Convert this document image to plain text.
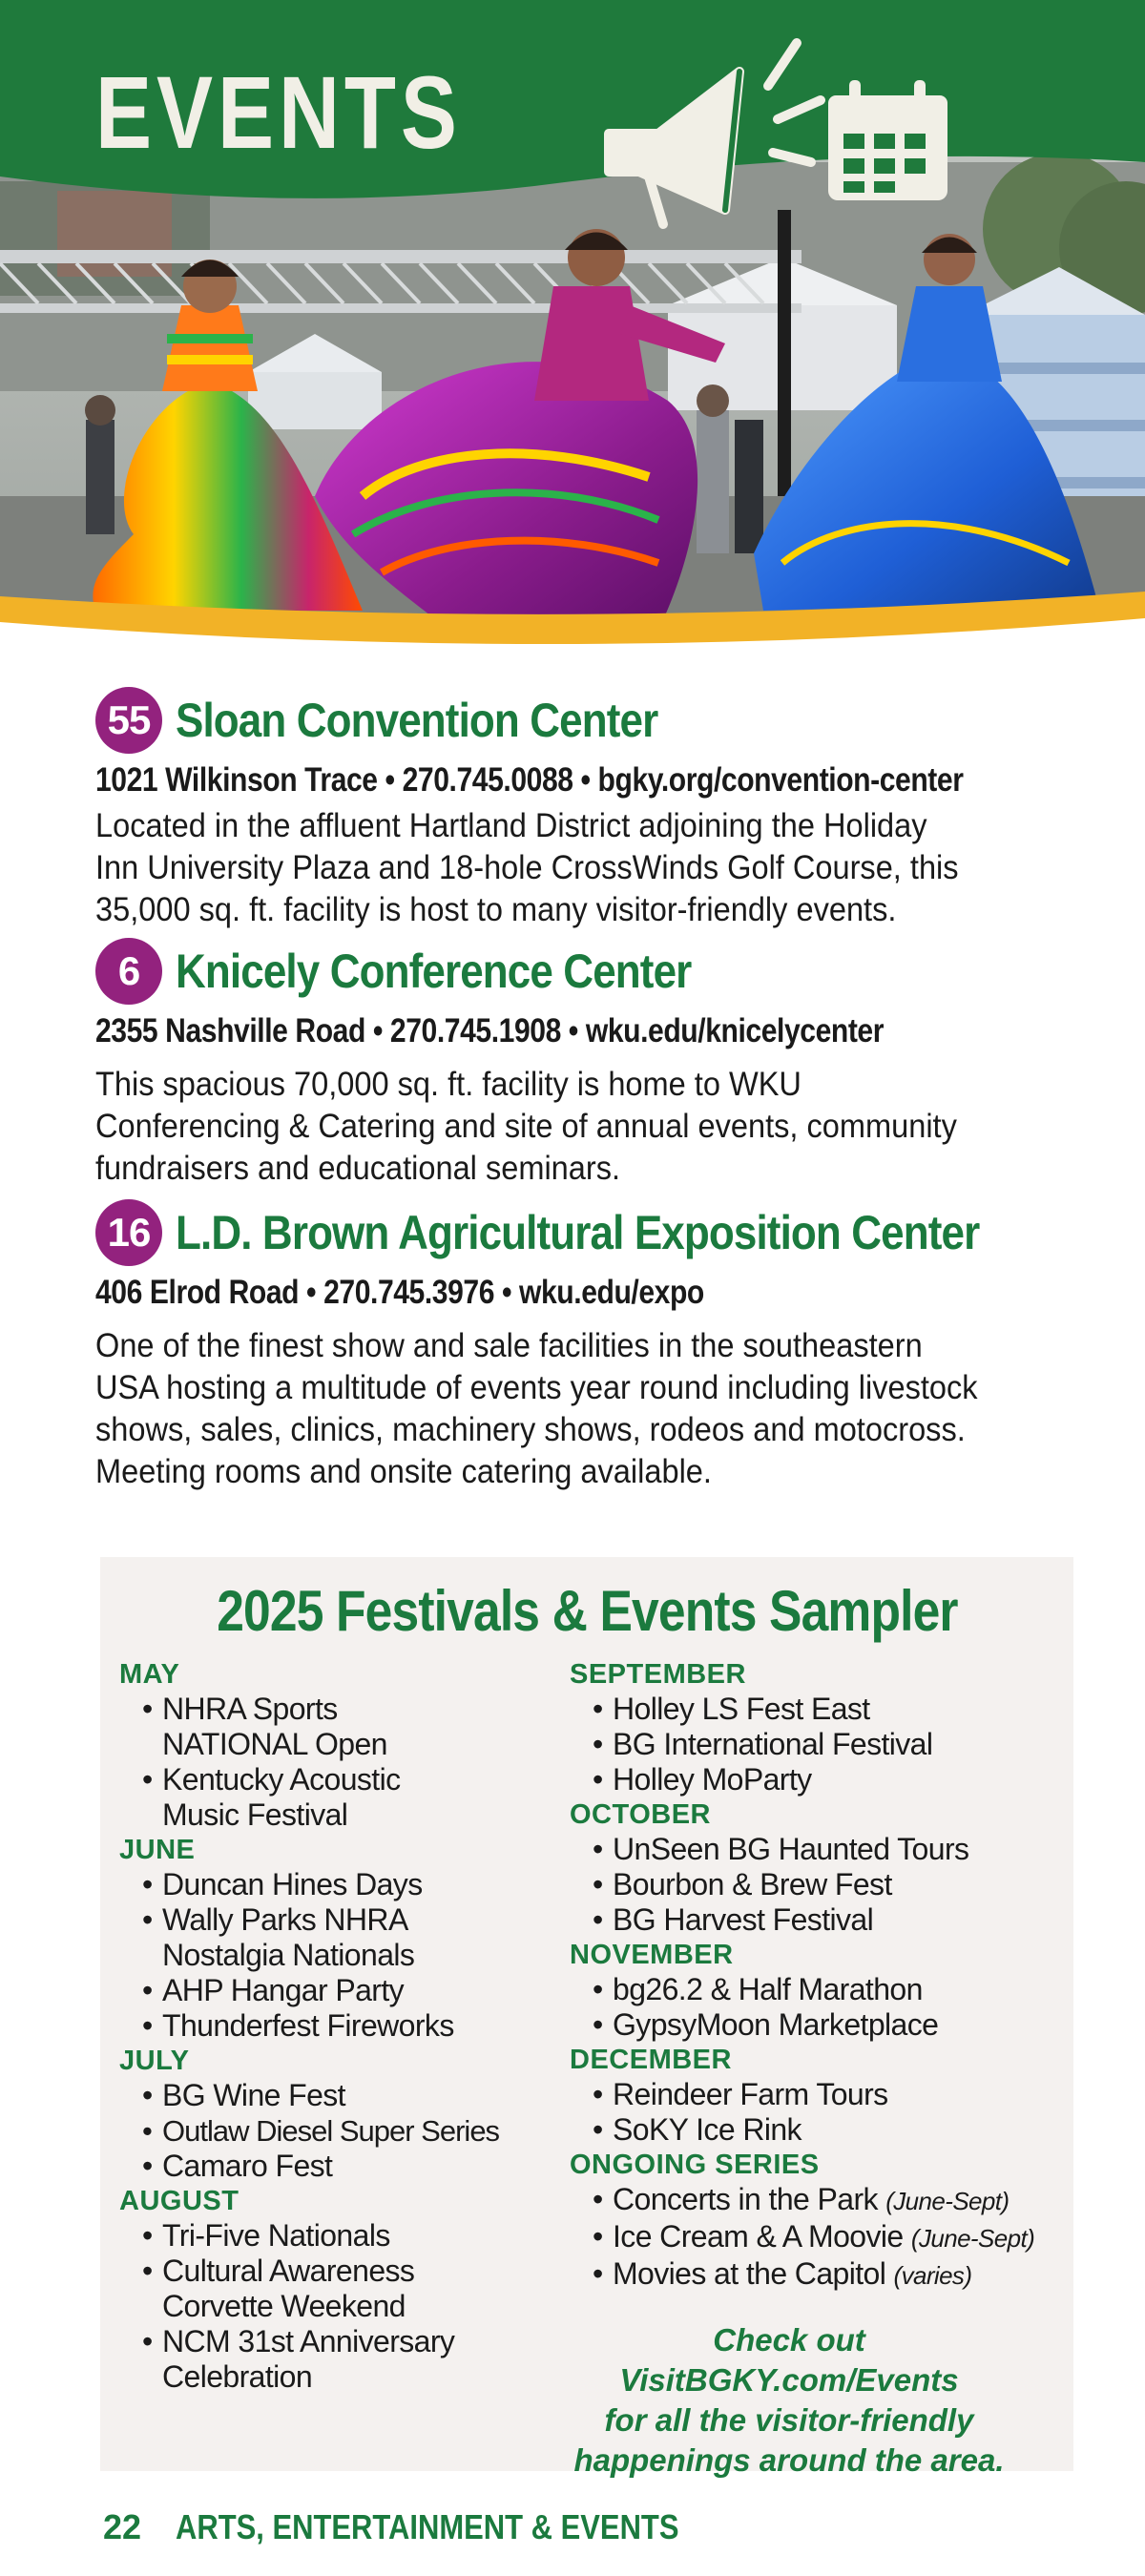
EVENTS
55 Sloan Convention Center
1021 Wilkinson Trace • 270.745.0088 • bgky.org/convention-center
Located in the affluent Hartland District adjoining the Holiday
Inn University Plaza and 18-hole CrossWinds Golf Course, this
35,000 sq. ft. facility is host to many visitor-friendly events.
6 Knicely Conference Center
2355 Nashville Road • 270.745.1908 • wku.edu/knicelycenter
This spacious 70,000 sq. ft. facility is home to WKU
Conferencing & Catering and site of annual events, community
fundraisers and educational seminars.
16 L.D. Brown Agricultural Exposition Center
406 Elrod Road • 270.745.3976 • wku.edu/expo
One of the finest show and sale facilities in the southeastern
USA hosting a multitude of events year round including livestock
shows, sales, clinics, machinery shows, rodeos and motocross.
Meeting rooms and onsite catering available.
2025 Festivals & Events Sampler
MAY
• NHRA Sports
NATIONAL Open
• Kentucky Acoustic
Music Festival
JUNE
• Duncan Hines Days
• Wally Parks NHRA
Nostalgia Nationals
• AHP Hangar Party
• Thunderfest Fireworks
JULY
• BG Wine Fest
• Outlaw Diesel Super Series
• Camaro Fest
AUGUST
• Tri-Five Nationals
• Cultural Awareness
Corvette Weekend
• NCM 31st Anniversary
Celebration
SEPTEMBER
• Holley LS Fest East
• BG International Festival
• Holley MoParty
OCTOBER
• UnSeen BG Haunted Tours
• Bourbon & Brew Fest
• BG Harvest Festival
NOVEMBER
• bg26.2 & Half Marathon
• GypsyMoon Marketplace
DECEMBER
• Reindeer Farm Tours
• SoKY Ice Rink
ONGOING SERIES
• Concerts in the Park (June-Sept)
• Ice Cream & A Moovie (June-Sept)
• Movies at the Capitol (varies)
Check out VisitBGKY.com/Events
for all the visitor-friendly
happenings around the area.
22 ARTS, ENTERTAINMENT & EVENTS
